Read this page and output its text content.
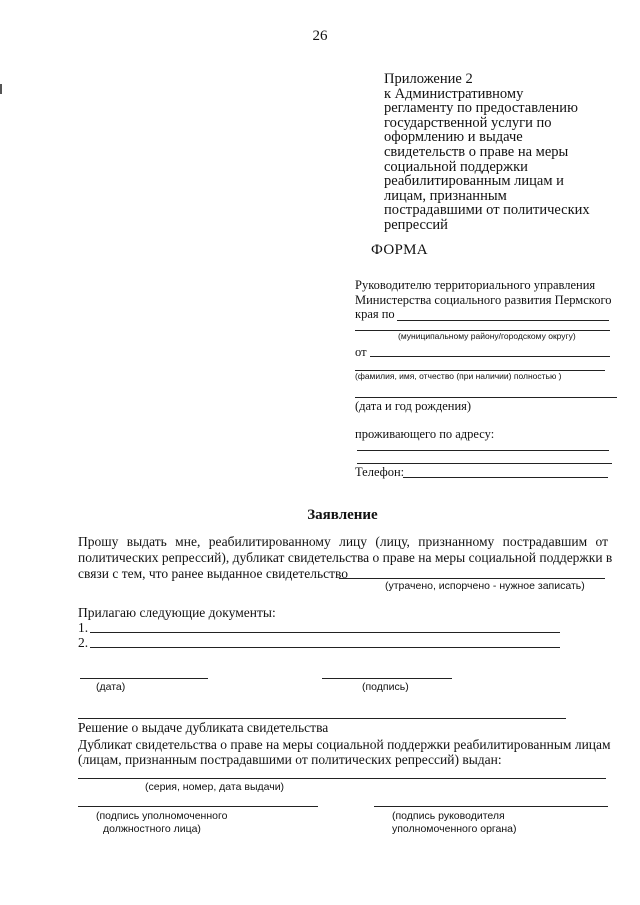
26
Приложение 2
к Административному
регламенту по предоставлению
государственной услуги по
оформлению и выдаче
свидетельств о праве на меры
социальной поддержки
реабилитированным лицам и
лицам, признанным
пострадавшими от политических
репрессий
ФОРМА
Руководителю территориального управления
Министерства социального развития Пермского
края по
(муниципальному району/городскому округу)
от
(фамилия, имя, отчество (при наличии) полностью )
(дата и год рождения)
проживающего по адресу:
Телефон:
Заявление
Прошу выдать мне, реабилитированному лицу (лицу, признанному пострадавшим от
политических репрессий), дубликат свидетельства о праве на меры социальной поддержки в
связи с тем, что ранее выданное свидетельство
(утрачено, испорчено - нужное записать)
Прилагаю следующие документы:
1.
2.
(дата)	(подпись)
Решение о выдаче дубликата свидетельства
Дубликат свидетельства о праве на меры социальной поддержки реабилитированным лицам
(лицам, признанным пострадавшими от политических репрессий) выдан:
(серия, номер, дата выдачи)
(подпись уполномоченного
должностного лица)
(подпись руководителя
уполномоченного органа)
